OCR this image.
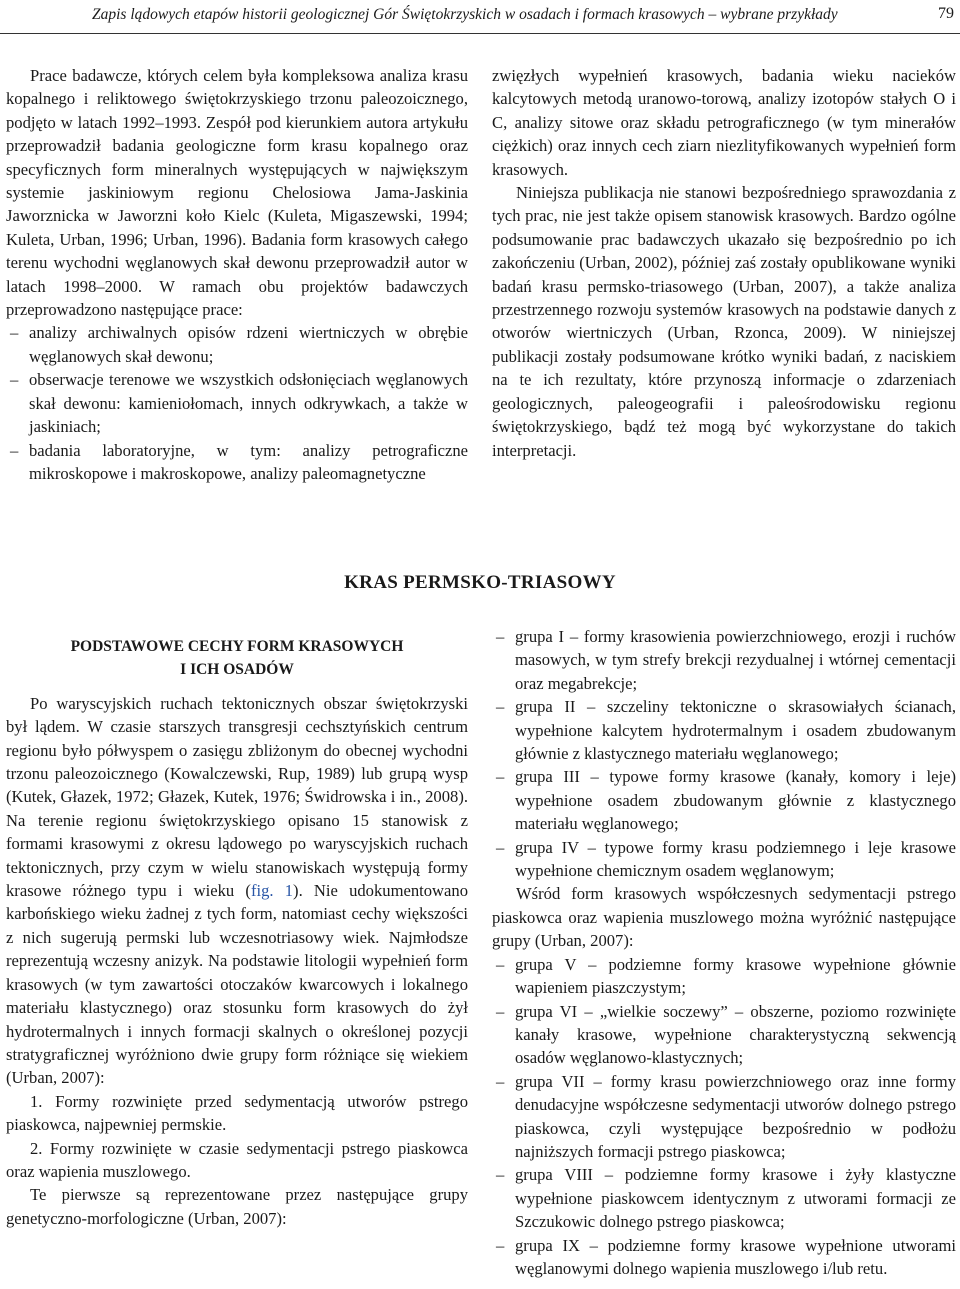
Zapis lądowych etapów historii geologicznej Gór Świętokrzyskich w osadach i formach krasowych – wybrane przykłady	79

Prace badawcze, których celem była kompleksowa analiza krasu kopalnego i reliktowego świętokrzyskiego trzonu paleozoicznego, podjęto w latach 1992–1993. Zespół pod kierunkiem autora artykułu przeprowadził badania geologiczne form krasu kopalnego oraz specyficznych form mineralnych występujących w największym systemie jaskiniowym regionu Chelosiowa Jama-Jaskinia Jaworznicka w Jaworzni koło Kielc (Kuleta, Migaszewski, 1994; Kuleta, Urban, 1996; Urban, 1996). Badania form krasowych całego terenu wychodni węglanowych skał dewonu przeprowadził autor w latach 1998–2000. W ramach obu projektów badawczych przeprowadzono następujące prace:

– analizy archiwalnych opisów rdzeni wiertniczych w obrębie węglanowych skał dewonu;
– obserwacje terenowe we wszystkich odsłonięciach węglanowych skał dewonu: kamieniołomach, innych odkrywkach, a także w jaskiniach;
– badania laboratoryjne, w tym: analizy petrograficzne mikroskopowe i makroskopowe, analizy paleomagnetyczne

zwięzłych wypełnień krasowych, badania wieku nacieków kalcytowych metodą uranowo-torową, analizy izotopów stałych O i C, analizy sitowe oraz składu petrograficznego (w tym minerałów ciężkich) oraz innych cech ziarn niezlityfikowanych wypełnień form krasowych.

Niniejsza publikacja nie stanowi bezpośredniego sprawozdania z tych prac, nie jest także opisem stanowisk krasowych. Bardzo ogólne podsumowanie prac badawczych ukazało się bezpośrednio po ich zakończeniu (Urban, 2002), później zaś zostały opublikowane wyniki badań krasu permsko-triasowego (Urban, 2007), a także analiza przestrzennego rozwoju systemów krasowych na podstawie danych z otworów wiertniczych (Urban, Rzonca, 2009). W niniejszej publikacji zostały podsumowane krótko wyniki badań, z naciskiem na te ich rezultaty, które przynoszą informacje o zdarzeniach geologicznych, paleogeografii i paleośrodowisku regionu świętokrzyskiego, bądź też mogą być wykorzystane do takich interpretacji.

KRAS PERMSKO-TRIASOWY
PODSTAWOWE CECHY FORM KRASOWYCH
I ICH OSADÓW

Po waryscyjskich ruchach tektonicznych obszar świętokrzyski był lądem. W czasie starszych transgresji cechsztyńskich centrum regionu było półwyspem o zasięgu zbliżonym do obecnej wychodni trzonu paleozoicznego (Kowalczewski, Rup, 1989) lub grupą wysp (Kutek, Głazek, 1972; Głazek, Kutek, 1976; Świdrowska i in., 2008). Na terenie regionu świętokrzyskiego opisano 15 stanowisk z formami krasowymi z okresu lądowego po waryscyjskich ruchach tektonicznych, przy czym w wielu stanowiskach występują formy krasowe różnego typu i wieku (fig. 1). Nie udokumentowano karbońskiego wieku żadnej z tych form, natomiast cechy większości z nich sugerują permski lub wczesnotriasowy wiek. Najmłodsze reprezentują wczesny anizyk. Na podstawie litologii wypełnień form krasowych (w tym zawartości otoczaków kwarcowych i lokalnego materiału klastycznego) oraz stosunku form krasowych do żył hydrotermalnych i innych formacji skalnych o określonej pozycji stratygraficznej wyróżniono dwie grupy form różniące się wiekiem (Urban, 2007):

1. Formy rozwinięte przed sedymentacją utworów pstrego piaskowca, najpewniej permskie.

2. Formy rozwinięte w czasie sedymentacji pstrego piaskowca oraz wapienia muszlowego.

Te pierwsze są reprezentowane przez następujące grupy genetyczno-morfologiczne (Urban, 2007):

– grupa I – formy krasowienia powierzchniowego, erozji i ruchów masowych, w tym strefy brekcji rezydualnej i wtórnej cementacji oraz megabrekcje;
– grupa II – szczeliny tektoniczne o skrasowiałych ścianach, wypełnione kalcytem hydrotermalnym i osadem zbudowanym głównie z klastycznego materiału węglanowego;
– grupa III – typowe formy krasowe (kanały, komory i leje) wypełnione osadem zbudowanym głównie z klastycznego materiału węglanowego;
– grupa IV – typowe formy krasu podziemnego i leje krasowe wypełnione chemicznym osadem węglanowym;

Wśród form krasowych współczesnych sedymentacji pstrego piaskowca oraz wapienia muszlowego można wyróżnić następujące grupy (Urban, 2007):

– grupa V – podziemne formy krasowe wypełnione głównie wapieniem piaszczystym;
– grupa VI – „wielkie soczewy” – obszerne, poziomo rozwinięte kanały krasowe, wypełnione charakterystyczną sekwencją osadów węglanowo-klastycznych;
– grupa VII – formy krasu powierzchniowego oraz inne formy denudacyjne współczesne sedymentacji utworów dolnego pstrego piaskowca, czyli występujące bezpośrednio w podłożu najniższych formacji pstrego piaskowca;
– grupa VIII – podziemne formy krasowe i żyły klastyczne wypełnione piaskowcem identycznym z utworami formacji ze Szczukowic dolnego pstrego piaskowca;
– grupa IX – podziemne formy krasowe wypełnione utworami węglanowymi dolnego wapienia muszlowego i/lub retu.
